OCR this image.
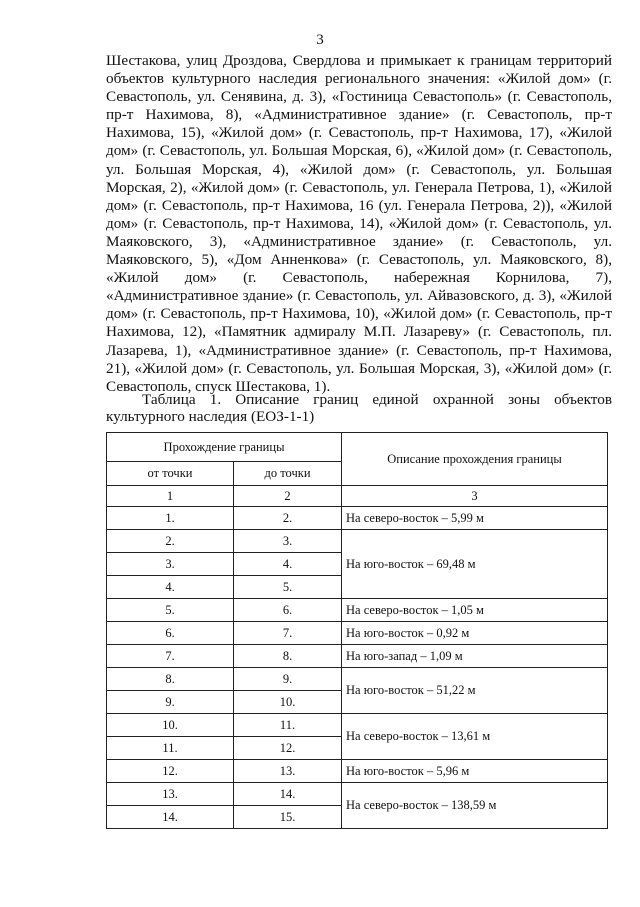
3
Шестакова, улиц Дроздова, Свердлова и примыкает к границам территорий объектов культурного наследия регионального значения: «Жилой дом» (г. Севастополь, ул. Сенявина, д. 3), «Гостиница Севастополь» (г. Севастополь, пр-т Нахимова, 8), «Административное здание» (г. Севастополь, пр-т Нахимова, 15), «Жилой дом» (г. Севастополь, пр-т Нахимова, 17), «Жилой дом» (г. Севастополь, ул. Большая Морская, 6), «Жилой дом» (г. Севастополь, ул. Большая Морская, 4), «Жилой дом» (г. Севастополь, ул. Большая Морская, 2), «Жилой дом» (г. Севастополь, ул. Генерала Петрова, 1), «Жилой дом» (г. Севастополь, пр-т Нахимова, 16 (ул. Генерала Петрова, 2)), «Жилой дом» (г. Севастополь, пр-т Нахимова, 14), «Жилой дом» (г. Севастополь, ул. Маяковского, 3), «Административное здание» (г. Севастополь, ул. Маяковского, 5), «Дом Анненкова» (г. Севастополь, ул. Маяковского, 8), «Жилой дом» (г. Севастополь, набережная Корнилова, 7), «Административное здание» (г. Севастополь, ул. Айвазовского, д. 3), «Жилой дом» (г. Севастополь, пр-т Нахимова, 10), «Жилой дом» (г. Севастополь, пр-т Нахимова, 12), «Памятник адмиралу М.П. Лазареву» (г. Севастополь, пл. Лазарева, 1), «Административное здание» (г. Севастополь, пр-т Нахимова, 21), «Жилой дом» (г. Севастополь, ул. Большая Морская, 3), «Жилой дом» (г. Севастополь, спуск Шестакова, 1).
Таблица 1. Описание границ единой охранной зоны объектов культурного наследия (ЕОЗ-1-1)
Прохождение границы		Описание прохождения границы
от точки	до точки	
1	2	3
1.	2.	На северо-восток – 5,99 м
2.	3.	На юго-восток – 69,48 м
3.	4.	
4.	5.	
5.	6.	На северо-восток – 1,05 м
6.	7.	На юго-восток – 0,92 м
7.	8.	На юго-запад – 1,09 м
8.	9.	На юго-восток – 51,22 м
9.	10.	
10.	11.	На северо-восток – 13,61 м
11.	12.	
12.	13.	На юго-восток – 5,96 м
13.	14.	На северо-восток – 138,59 м
14.	15.	
